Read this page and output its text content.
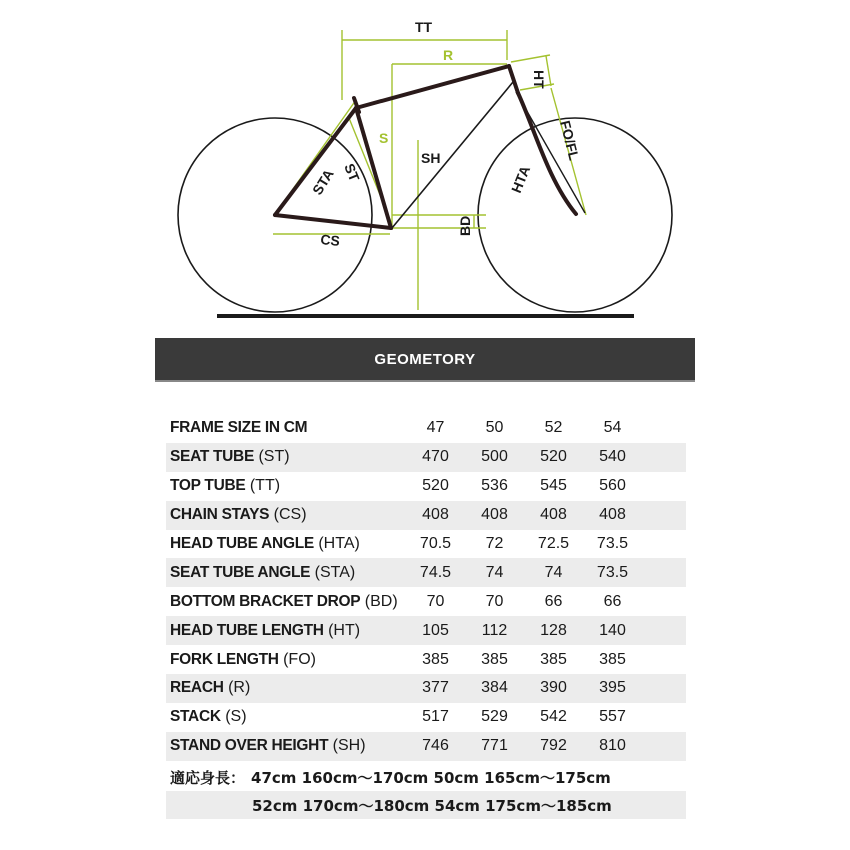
TT
R
HT
FO/FL
S
SH
STA ST	HTA
BD
CS
GEOMETORY
FRAME SIZE IN CM	47	50	52	54	
SEAT TUBE (ST)	470	500	520	540	
TOP TUBE (TT)	520	536	545	560	
CHAIN STAYS (CS)	408	408	408	408	
HEAD TUBE ANGLE (HTA)	70.5	72	72.5	73.5	
SEAT TUBE ANGLE (STA)	74.5	74	74	73.5	
BOTTOM BRACKET DROP (BD)	70	70	66	66	
HEAD TUBE LENGTH (HT)	105	112	128	140	
FORK LENGTH (FO)	385	385	385	385	
REACH (R)	377	384	390	395	
STACK (S)	517	529	542	557	
STAND OVER HEIGHT (SH)	746	771	792	810	
適応身長： 47cm 160cm〜170cm 50cm 165cm〜175cm
52cm 170cm〜180cm 54cm 175cm〜185cm
